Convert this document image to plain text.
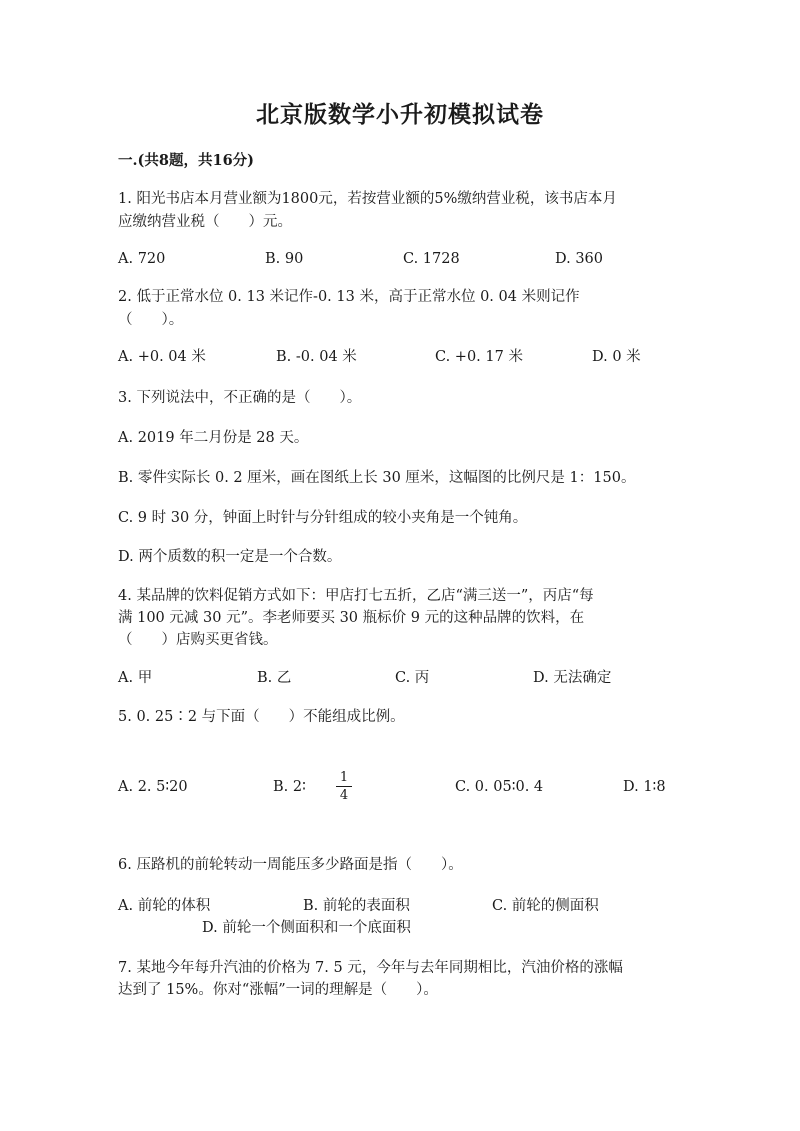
北京版数学小升初模拟试卷
一.(共8题，共16分)
1. 阳光书店本月营业额为1800元，若按营业额的5%缴纳营业税，该书店本月
应缴纳营业税（　　）元。
A. 720	B. 90	C. 1728	D. 360
2. 低于正常水位 0. 13 米记作-0. 13 米，高于正常水位 0. 04 米则记作
（　　）。
A. +0. 04 米	B. -0. 04 米	C. +0. 17 米	D. 0 米
3. 下列说法中，不正确的是（　　）。
A. 2019 年二月份是 28 天。
B. 零件实际长 0. 2 厘米，画在图纸上长 30 厘米，这幅图的比例尺是 1：150。
C. 9 时 30 分，钟面上时针与分针组成的较小夹角是一个钝角。
D. 两个质数的积一定是一个合数。
4. 某品牌的饮料促销方式如下：甲店打七五折，乙店“满三送一”，丙店“每
满 100 元减 30 元”。李老师要买 30 瓶标价 9 元的这种品牌的饮料，在
（　　）店购买更省钱。
A. 甲	B. 乙	C. 丙	D. 无法确定
5. 0. 25∶2 与下面（　　）不能组成比例。
A. 2. 5∶20	B. 2∶
1
4
C. 0. 05∶0. 4	D. 1∶8
6. 压路机的前轮转动一周能压多少路面是指（　　）。
A. 前轮的体积	B. 前轮的表面积	C. 前轮的侧面积
D. 前轮一个侧面积和一个底面积
7. 某地今年每升汽油的价格为 7. 5 元，今年与去年同期相比，汽油价格的涨幅
达到了 15%。你对“涨幅”一词的理解是（　　）。
